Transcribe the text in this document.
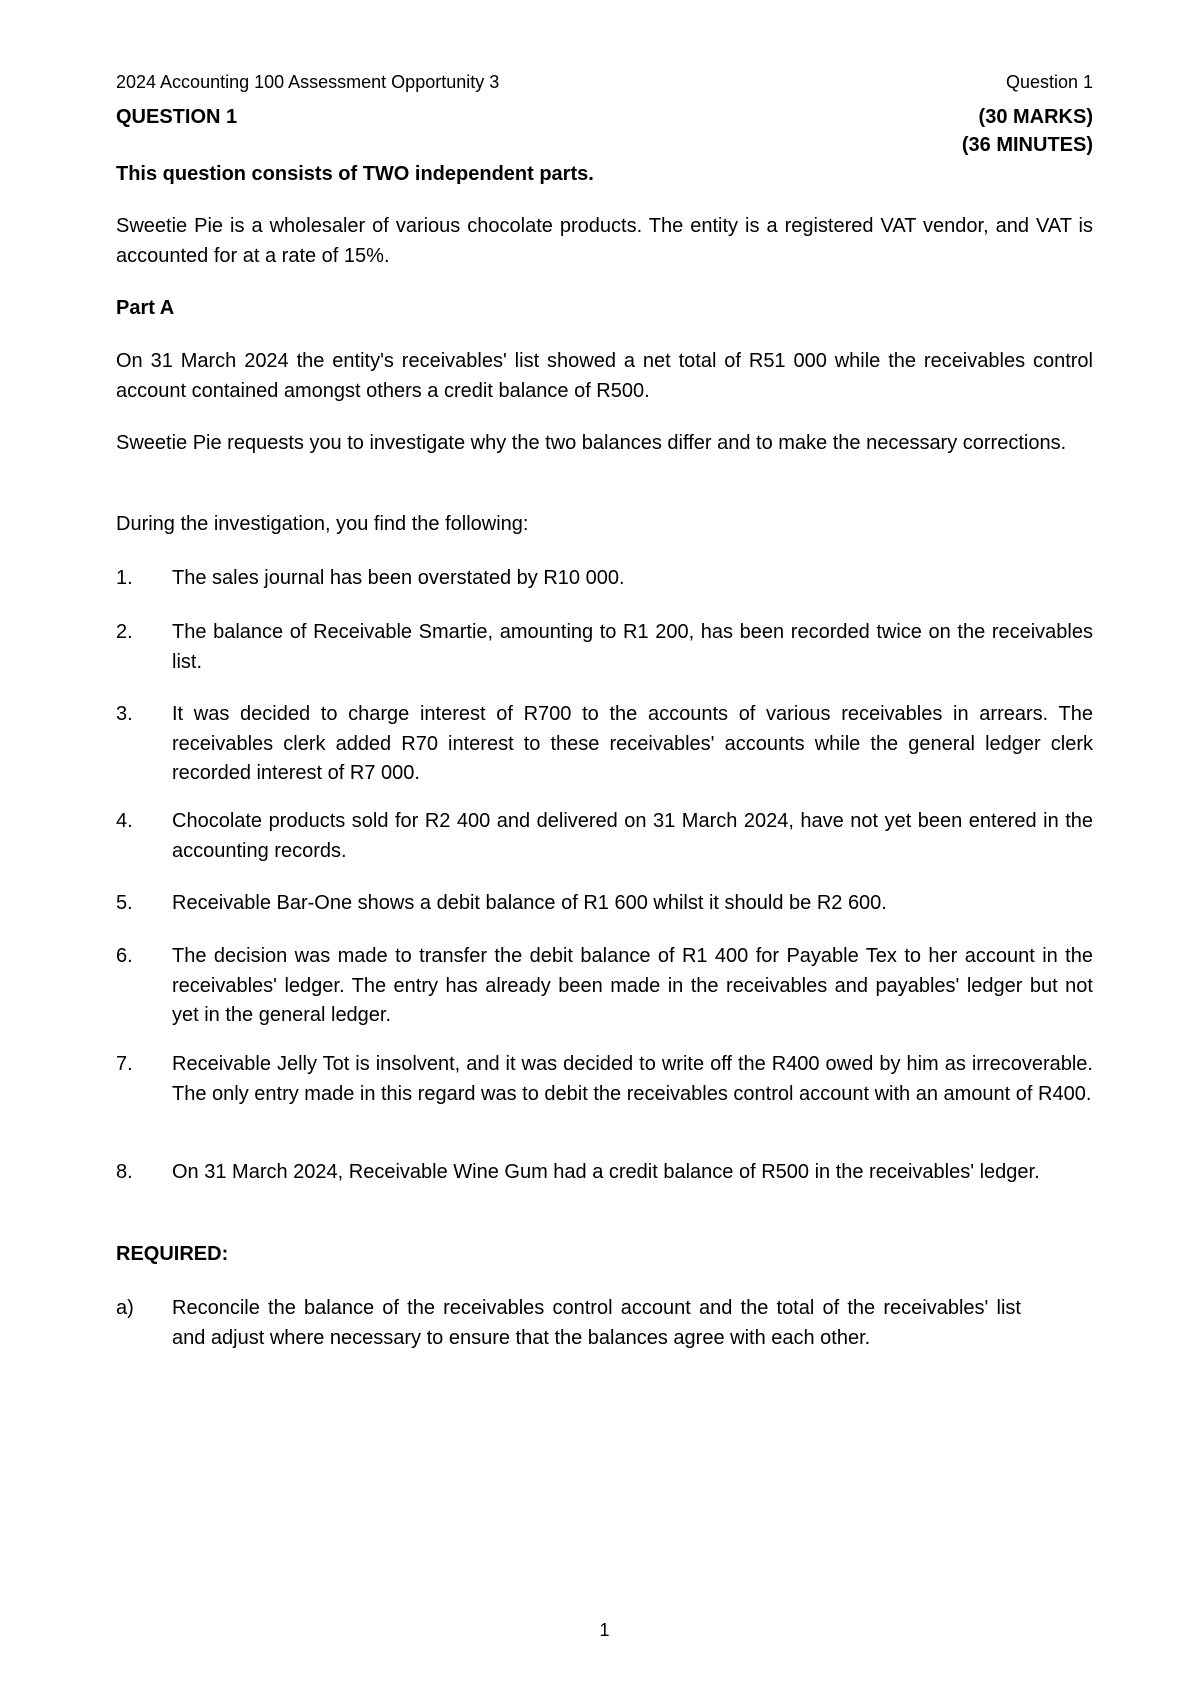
2024 Accounting 100 Assessment Opportunity 3	Question 1
QUESTION 1	(30 MARKS)
(36 MINUTES)

This question consists of TWO independent parts.

Sweetie Pie is a wholesaler of various chocolate products. The entity is a registered VAT vendor, and VAT is accounted for at a rate of 15%.

Part A

On 31 March 2024 the entity's receivables' list showed a net total of R51 000 while the receivables control account contained amongst others a credit balance of R500.

Sweetie Pie requests you to investigate why the two balances differ and to make the necessary corrections.

During the investigation, you find the following:

1. The sales journal has been overstated by R10 000.
2. The balance of Receivable Smartie, amounting to R1 200, has been recorded twice on the receivables list.
3. It was decided to charge interest of R700 to the accounts of various receivables in arrears. The receivables clerk added R70 interest to these receivables' accounts while the general ledger clerk recorded interest of R7 000.
4. Chocolate products sold for R2 400 and delivered on 31 March 2024, have not yet been entered in the accounting records.
5. Receivable Bar-One shows a debit balance of R1 600 whilst it should be R2 600.
6. The decision was made to transfer the debit balance of R1 400 for Payable Tex to her account in the receivables' ledger. The entry has already been made in the receivables and payables' ledger but not yet in the general ledger.
7. Receivable Jelly Tot is insolvent, and it was decided to write off the R400 owed by him as irrecoverable. The only entry made in this regard was to debit the receivables control account with an amount of R400.
8. On 31 March 2024, Receivable Wine Gum had a credit balance of R500 in the receivables' ledger.

REQUIRED:

a) Reconcile the balance of the receivables control account and the total of the receivables' list and adjust where necessary to ensure that the balances agree with each other.
1
